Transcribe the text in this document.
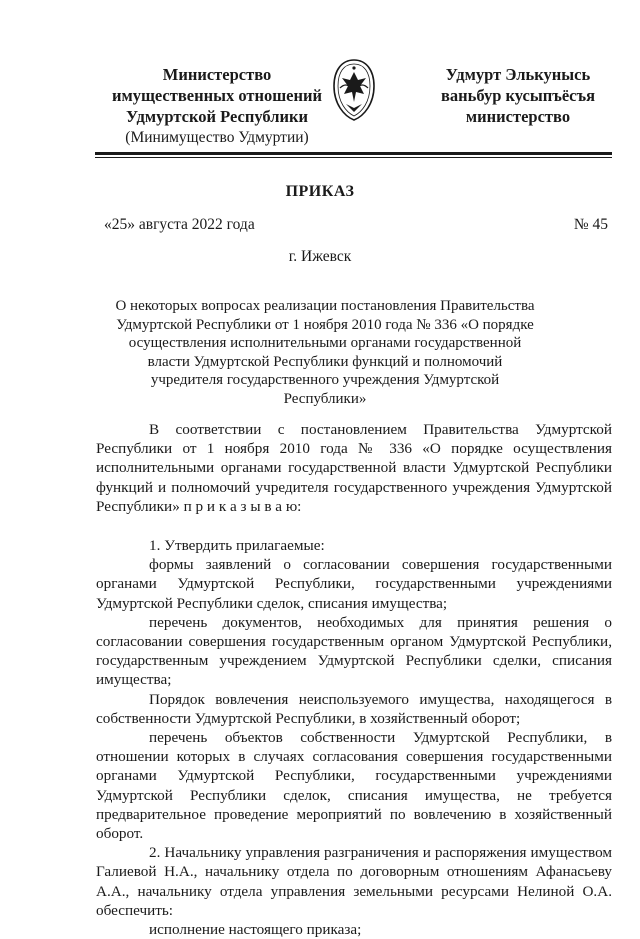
Министерство
имущественных отношений
Удмуртской Республики
(Минимущество Удмуртии)
Удмурт Элькунысь
ваньбур кусыпъёсъя
министерство
ПРИКАЗ
«25» августа 2022 года	№ 45
г. Ижевск
О некоторых вопросах реализации постановления Правительства Удмуртской Республики от 1 ноября 2010 года № 336 «О порядке осуществления исполнительными органами государственной власти Удмуртской Республики функций и полномочий учредителя государственного учреждения Удмуртской Республики»

В соответствии с постановлением Правительства Удмуртской Республики от 1 ноября 2010 года № 336 «О порядке осуществления исполнительными органами государственной власти Удмуртской Республики функций и полномочий учредителя государственного учреждения Удмуртской Республики» п р и к а з ы в а ю:

1. Утвердить прилагаемые:

формы заявлений о согласовании совершения государственными органами Удмуртской Республики, государственными учреждениями Удмуртской Республики сделок, списания имущества;

перечень документов, необходимых для принятия решения о согласовании совершения государственным органом Удмуртской Республики, государственным учреждением Удмуртской Республики сделки, списания имущества;

Порядок вовлечения неиспользуемого имущества, находящегося в собственности Удмуртской Республики, в хозяйственный оборот;

перечень объектов собственности Удмуртской Республики, в отношении которых в случаях согласования совершения государственными органами Удмуртской Республики, государственными учреждениями Удмуртской Республики сделок, списания имущества, не требуется предварительное проведение мероприятий по вовлечению в хозяйственный оборот.

2. Начальнику управления разграничения и распоряжения имуществом Галиевой Н.А., начальнику отдела по договорным отношениям Афанасьеву А.А., начальнику отдела управления земельными ресурсами Нелиной О.А. обеспечить:

исполнение настоящего приказа;
